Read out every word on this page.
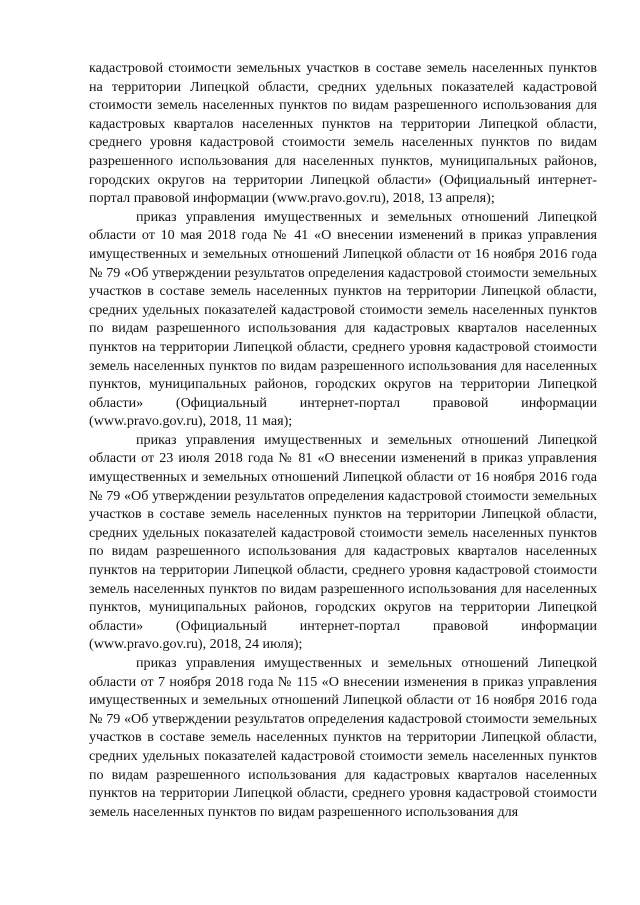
кадастровой стоимости земельных участков в составе земель населенных пунктов на территории Липецкой области, средних удельных показателей кадастровой стоимости земель населенных пунктов по видам разрешенного использования для кадастровых кварталов населенных пунктов на территории Липецкой области, среднего уровня кадастровой стоимости земель населенных пунктов по видам разрешенного использования для населенных пунктов, муниципальных районов, городских округов на территории Липецкой области» (Официальный интернет-портал правовой информации (www.pravo.gov.ru), 2018, 13 апреля);

приказ управления имущественных и земельных отношений Липецкой области от 10 мая 2018 года № 41 «О внесении изменений в приказ управления имущественных и земельных отношений Липецкой области от 16 ноября 2016 года № 79 «Об утверждении результатов определения кадастровой стоимости земельных участков в составе земель населенных пунктов на территории Липецкой области, средних удельных показателей кадастровой стоимости земель населенных пунктов по видам разрешенного использования для кадастровых кварталов населенных пунктов на территории Липецкой области, среднего уровня кадастровой стоимости земель населенных пунктов по видам разрешенного использования для населенных пунктов, муниципальных районов, городских округов на территории Липецкой области» (Официальный интернет-портал правовой информации (www.pravo.gov.ru), 2018, 11 мая);

приказ управления имущественных и земельных отношений Липецкой области от 23 июля 2018 года № 81 «О внесении изменений в приказ управления имущественных и земельных отношений Липецкой области от 16 ноября 2016 года № 79 «Об утверждении результатов определения кадастровой стоимости земельных участков в составе земель населенных пунктов на территории Липецкой области, средних удельных показателей кадастровой стоимости земель населенных пунктов по видам разрешенного использования для кадастровых кварталов населенных пунктов на территории Липецкой области, среднего уровня кадастровой стоимости земель населенных пунктов по видам разрешенного использования для населенных пунктов, муниципальных районов, городских округов на территории Липецкой области» (Официальный интернет-портал правовой информации (www.pravo.gov.ru), 2018, 24 июля);

приказ управления имущественных и земельных отношений Липецкой области от 7 ноября 2018 года № 115 «О внесении изменения в приказ управления имущественных и земельных отношений Липецкой области от 16 ноября 2016 года № 79 «Об утверждении результатов определения кадастровой стоимости земельных участков в составе земель населенных пунктов на территории Липецкой области, средних удельных показателей кадастровой стоимости земель населенных пунктов по видам разрешенного использования для кадастровых кварталов населенных пунктов на территории Липецкой области, среднего уровня кадастровой стоимости земель населенных пунктов по видам разрешенного использования для
